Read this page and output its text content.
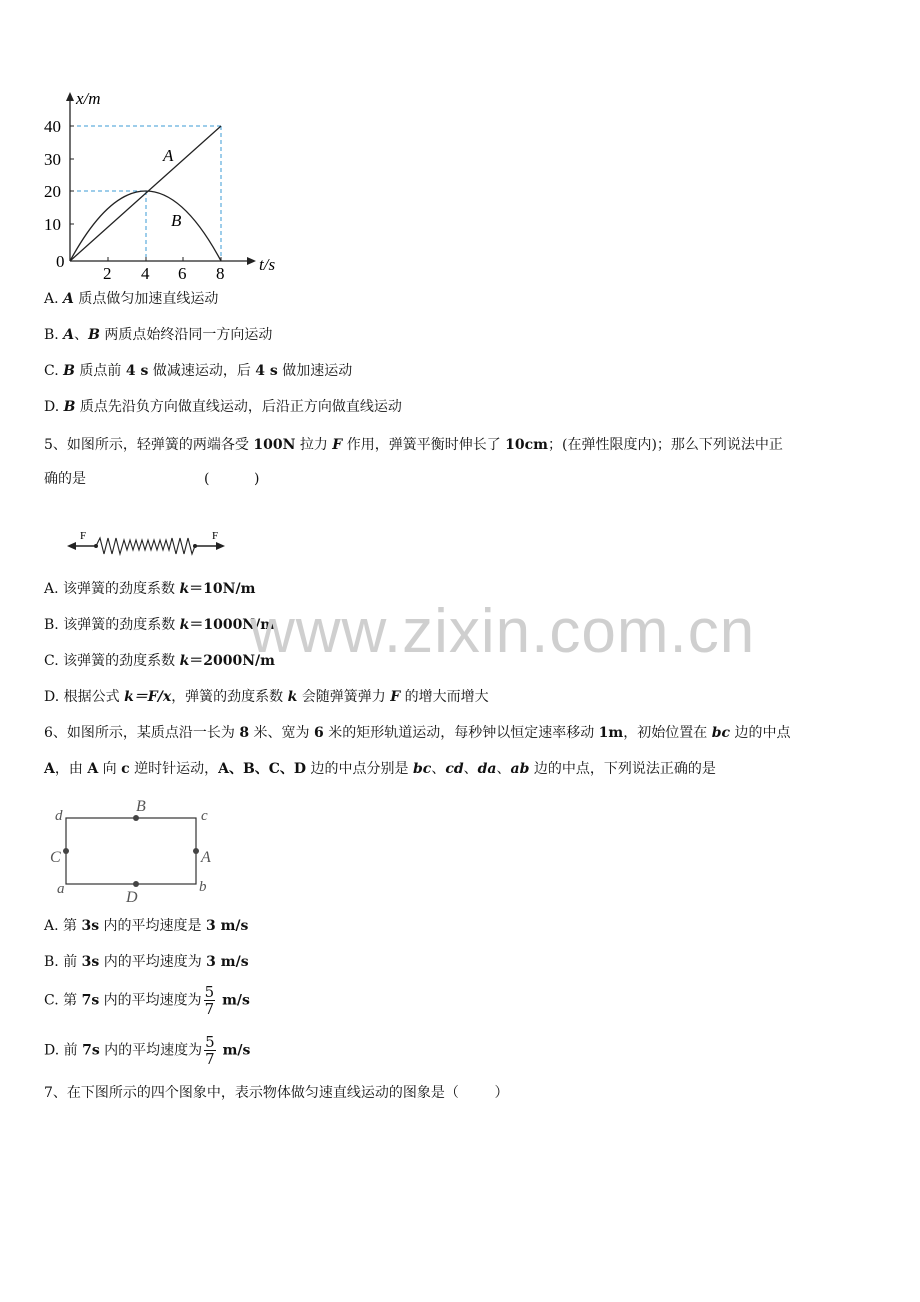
10
20
30
40
0
2 4 6 8
x/m
t/s
A
B
A. A 质点做匀加速直线运动
B. A、B 两质点始终沿同一方向运动
C. B 质点前 4 s 做减速运动，后 4 s 做加速运动
D. B 质点先沿负方向做直线运动，后沿正方向做直线运动
5、如图所示，轻弹簧的两端各受 100N 拉力 F 作用，弹簧平衡时伸长了 10cm；(在弹性限度内)；那么下列说法中正
确的是	(          )
F	F
A. 该弹簧的劲度系数 k＝10N/m
B. 该弹簧的劲度系数 k＝1000N/m
C. 该弹簧的劲度系数 k＝2000N/m
D. 根据公式 k＝F/x，弹簧的劲度系数 k 会随弹簧弹力 F 的增大而增大
www.zixin.com.cn
6、如图所示，某质点沿一长为 8 米、宽为 6 米的矩形轨道运动，每秒钟以恒定速率移动 1m，初始位置在 bc 边的中点
A，由 A 向 c 逆时针运动，A、B、C、D 边的中点分别是 bc、cd、da、ab 边的中点，下列说法正确的是
d	c
a	b
B
A
C
D
A. 第 3s 内的平均速度是 3 m/s
B. 前 3s 内的平均速度为 3 m/s
C. 第 7s 内的平均速度为 $\frac{5}{7} m/s$
D. 前 7s 内的平均速度为 $\frac{5}{7} m/s$
7、在下图所示的四个图象中，表示物体做匀速直线运动的图象是（        ）
